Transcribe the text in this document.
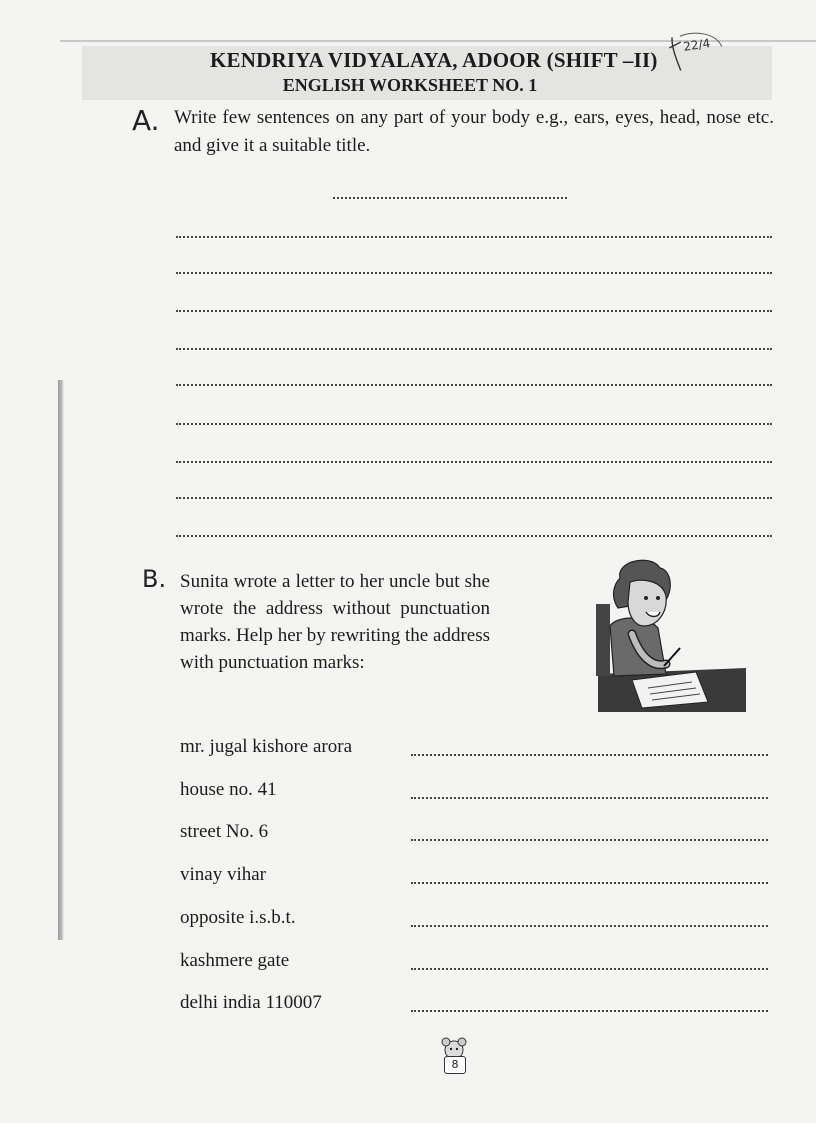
KENDRIYA VIDYALAYA, ADOOR (SHIFT –II)
ENGLISH WORKSHEET NO. 1
22/4
A. Write few sentences on any part of your body e.g., ears, eyes, head, nose etc. and give it a suitable title.
B. Sunita wrote a letter to her uncle but she wrote the address without punctuation marks. Help her by rewriting the address with punctuation marks:
mr. jugal kishore arora
house no. 41
street No. 6
vinay vihar
opposite i.s.b.t.
kashmere gate
delhi india 110007
8
